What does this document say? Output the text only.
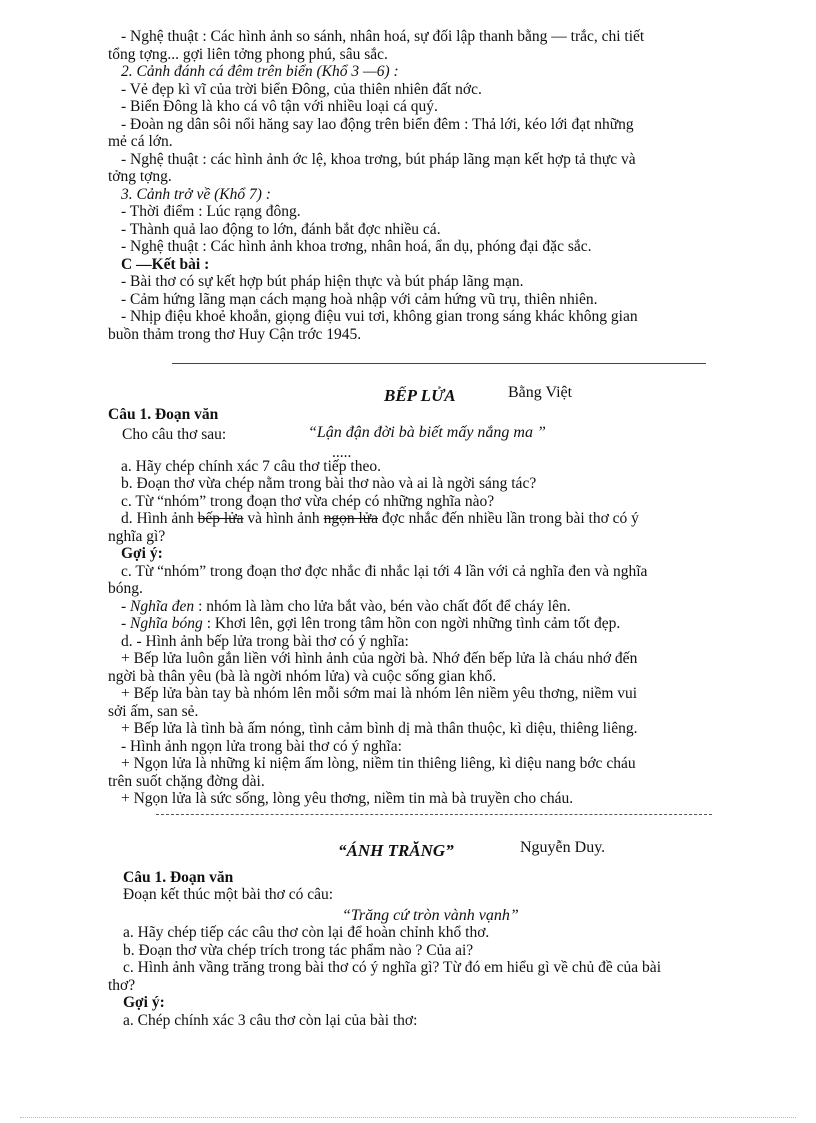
- Nghệ thuật : Các hình ảnh so sánh, nhân hoá, sự đối lập thanh bằng — trắc, chi tiết

tổng tợng... gợi liên tởng phong phú, sâu sắc.

2. Cảnh đánh cá đêm trên biển (Khổ 3 —6) :

- Vẻ đẹp kì vĩ của trời biển Đông, của thiên nhiên đất nớc.

- Biển Đông là kho cá vô tận với nhiều loại cá quý.

- Đoàn ng dân sôi nổi hăng say lao động trên biển đêm : Thả lới, kéo lới đạt những

mẻ cá lớn.

- Nghệ thuật : các hình ảnh ớc lệ, khoa trơng, bút pháp lãng mạn kết hợp tả thực và

tởng tợng.

3. Cảnh trở về (Khổ 7) :

- Thời điểm : Lúc rạng đông.

- Thành quả lao động to lớn, đánh bắt đợc nhiều cá.

- Nghệ thuật : Các hình ảnh khoa trơng, nhân hoá, ẩn dụ, phóng đại đặc sắc.

C —Kết bài :

- Bài thơ có sự kết hợp bút pháp hiện thực và bút pháp lãng mạn.

- Cảm hứng lãng mạn cách mạng hoà nhập với cảm hứng vũ trụ, thiên nhiên.

- Nhịp điệu khoẻ khoắn, giọng điệu vui tơi, không gian trong sáng khác không gian

buồn thảm trong thơ Huy Cận trớc 1945.

BẾP LỬA	Bằng Việt

Câu 1. Đoạn văn

Cho câu thơ sau:	“Lận đận đời bà biết mấy nắng ma ”

.....

a. Hãy chép chính xác 7 câu thơ tiếp theo.

b. Đoạn thơ vừa chép nằm trong bài thơ nào và ai là ngời sáng tác?

c. Từ “nhóm” trong đoạn thơ vừa chép có những nghĩa nào?

d. Hình ảnh bếp lửa và hình ảnh ngọn lửa đợc nhắc đến nhiều lần trong bài thơ có ý

nghĩa gì?

Gợi ý:

c. Từ “nhóm” trong đoạn thơ đợc nhắc đi nhắc lại tới 4 lần với cả nghĩa đen và nghĩa

bóng.

- Nghĩa đen : nhóm là làm cho lửa bắt vào, bén vào chất đốt để cháy lên.

- Nghĩa bóng : Khơi lên, gợi lên trong tâm hồn con ngời những tình cảm tốt đẹp.

d. - Hình ảnh bếp lửa trong bài thơ có ý nghĩa:

+ Bếp lửa luôn gắn liền với hình ảnh của ngời bà. Nhớ đến bếp lửa là cháu nhớ đến

ngời bà thân yêu (bà là ngời nhóm lửa) và cuộc sống gian khổ.

+ Bếp lửa bàn tay bà nhóm lên mỗi sớm mai là nhóm lên niềm yêu thơng, niềm vui

sởi ấm, san sẻ.

+ Bếp lửa là tình bà ấm nóng, tình cảm bình dị mà thân thuộc, kì diệu, thiêng liêng.

- Hình ảnh ngọn lửa trong bài thơ có ý nghĩa:

+ Ngọn lửa là những kỉ niệm ấm lòng, niềm tin thiêng liêng, kì diệu nang bớc cháu

trên suốt chặng đờng dài.

+ Ngọn lửa là sức sống, lòng yêu thơng, niềm tin mà bà truyền cho cháu.

“ÁNH TRĂNG”	Nguyễn Duy.

Câu 1. Đoạn văn

Đoạn kết thúc một bài thơ có câu:

“Trăng cứ tròn vành vạnh”

a. Hãy chép tiếp các câu thơ còn lại để hoàn chỉnh khổ thơ.

b. Đoạn thơ vừa chép trích trong tác phẩm nào ? Của ai?

c. Hình ảnh vầng trăng trong bài thơ có ý nghĩa gì? Từ đó em hiểu gì về chủ đề của bài

thơ?

Gợi ý:

a. Chép chính xác 3 câu thơ còn lại của bài thơ:
